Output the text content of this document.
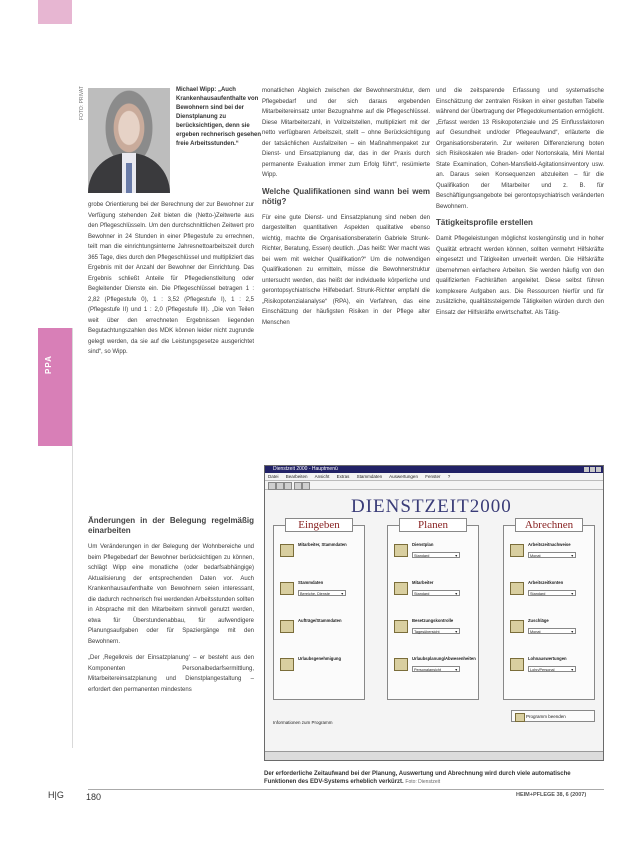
PPA
FOTO: PRIVAT	Michael Wipp: „Auch Krankenhausaufenthalte von Bewohnern sind bei der Dienstplanung zu berücksichtigen, denn sie ergeben rechnerisch gesehen freie Arbeitsstunden.“

grobe Orientierung bei der Berechnung der zur Bewohner zur Verfügung stehenden Zeit bieten die (Netto-)Zeitwerte aus den Pflegeschlüsseln. Um den durchschnittlichen Zeitwert pro Bewohner in 24 Stunden in einer Pflegestufe zu errechnen, teilt man die einrichtungsinterne Jahresnettoarbeitszeit durch 365 Tage, dies durch den Pflegeschlüssel und multipliziert das Ergebnis mit der Anzahl der Bewohner der Einrichtung. Das Ergebnis schließt Anteile für Pflegedienstleitung oder Begleitender Dienste ein. Die Pflegeschlüssel betragen 1 : 2,82 (Pflegestufe 0), 1 : 3,52 (Pflegestufe I), 1 : 2,5 (Pflegestufe II) und 1 : 2,0 (Pflegestufe III). „Die von Teilen weit über den errechneten Ergebnissen liegenden Begutachtungszahlen des MDK können leider nicht zugrunde gelegt werden, da sie auf die Leistungsgesetze ausgerichtet sind“, so Wipp.

Änderungen in der Belegung regelmäßig einarbeiten

Um Veränderungen in der Belegung der Wohnbereiche und beim Pflegebedarf der Bewohner berücksichtigen zu können, schlägt Wipp eine monatliche (oder bedarfsabhängige) Aktualisierung der entsprechenden Daten vor. Auch Krankenhausaufenthalte von Bewohnern seien interessant, die dadurch rechnerisch frei werdenden Arbeitsstunden sollten in Absprache mit den Mitarbeitern sinnvoll genutzt werden, etwa für Überstundenabbau, für aufwendigere Planungsaufgaben oder für Spaziergänge mit den Bewohnern.

„Der ‚Regelkreis der Einsatzplanung‘ – er besteht aus den Komponenten Personalbedarfsermittlung, Mitarbeitereinsatzplanung und Dienstplangestaltung – erfordert den permanenten mindestens

monatlichen Abgleich zwischen der Bewohnerstruktur, dem Pflegebedarf und der sich daraus ergebenden Mitarbeitereinsatz unter Bezugnahme auf die Pflegeschlüssel. Diese Mitarbeiterzahl, in Vollzeitstellen, multipliziert mit der netto verfügbaren Arbeitszeit, stellt – ohne Berücksichtigung der tatsächlichen Ausfallzeiten – ein Maßnahmenpaket zur Dienst- und Einsatzplanung dar, das in der Praxis durch permanente Evaluation immer zum Erfolg führt“, resümierte Wipp.

Welche Qualifikationen sind wann bei wem nötig?

Für eine gute Dienst- und Einsatzplanung sind neben den dargestellten quantitativen Aspekten qualitative ebenso wichtig, machte die Organisationsberaterin Gabriele Strunk-Richter, Beratung, Essen) deutlich. „Das heißt: Wer macht was bei wem mit welcher Qualifikation?“ Um die notwendigen Qualifikationen zu ermitteln, müsse die Bewohnerstruktur untersucht werden, das heißt der individuelle körperliche und gerontopsychiatrische Hilfebedarf. Strunk-Richter empfahl die „Risikopotenzialanalyse“ (RPA), ein Verfahren, das eine Einschätzung der häufigsten Risiken in der Pflege alter Menschen

und die zeitsparende Erfassung und systematische Einschätzung der zentralen Risiken in einer gestuften Tabelle während der Übertragung der Pflegedokumentation ermöglicht. „Erfasst werden 13 Risikopotenziale und 25 Einflussfaktoren auf Gesundheit und/oder Pflegeaufwand“, erläuterte die Organisationsberaterin. Zur weiteren Differenzierung boten sich Risikoskalen wie Braden- oder Nortonskala, Mini Mental State Examination, Cohen-Mansfield-Agitationsinventory usw. an. Daraus seien Konsequenzen abzuleiten – für die Qualifikation der Mitarbeiter und z. B. für Beschäftigungsangebote bei gerontopsychiatrisch veränderten Bewohnern.

Tätigkeitsprofile erstellen

Damit Pflegeleistungen möglichst kostengünstig und in hoher Qualität erbracht werden können, sollten vermehrt Hilfskräfte eingesetzt und Tätigkeiten unverteilt werden. Die Hilfskräfte übernehmen einfachere Arbeiten. Sie werden häufig von den qualifizierten Fachkräften angeleitet. Diese selbst führen komplexere Aufgaben aus. Die Ressourcen hierfür und für zusätzliche, qualitätssteigernde Tätigkeiten würden durch den Einsatz der Hilfskräfte erwirtschaftet. Als Tätig-

Dienstzeit 2000 - Hauptmenü
Datei Bearbeiten Ansicht Extras Stammdaten Auswertungen Fenster ?
DIENSTZEIT2000
Mitarbeiter, Stammdaten
Stammdaten
Bereiche, Dienste	▼
Aufträge/Stammdaten
Urlaubsgenehmigung
Eingeben
Dienstplan
Standard	▼
Mitarbeiter
Standard	▼
Besetzungskontrolle
Tagesübersicht	▼
Urlaubsplanung/Abwesenheiten
Personalansicht	▼
Planen
Arbeitszeitnachweise
Monat	▼
Arbeitszeitkonten
Standard	▼
Zuschläge
Monat	▼
Lohnauswertungen
Lohn/Personal	▼
Abrechnen
Informationen zum Programm
Programm beenden
Der erforderliche Zeitaufwand bei der Planung, Auswertung und Abrechnung wird durch viele automatische Funktionen des EDV-Systems erheblich verkürzt. Foto: Dienstzeit
H|G 180	HEIM+PFLEGE 38, 6 (2007)
